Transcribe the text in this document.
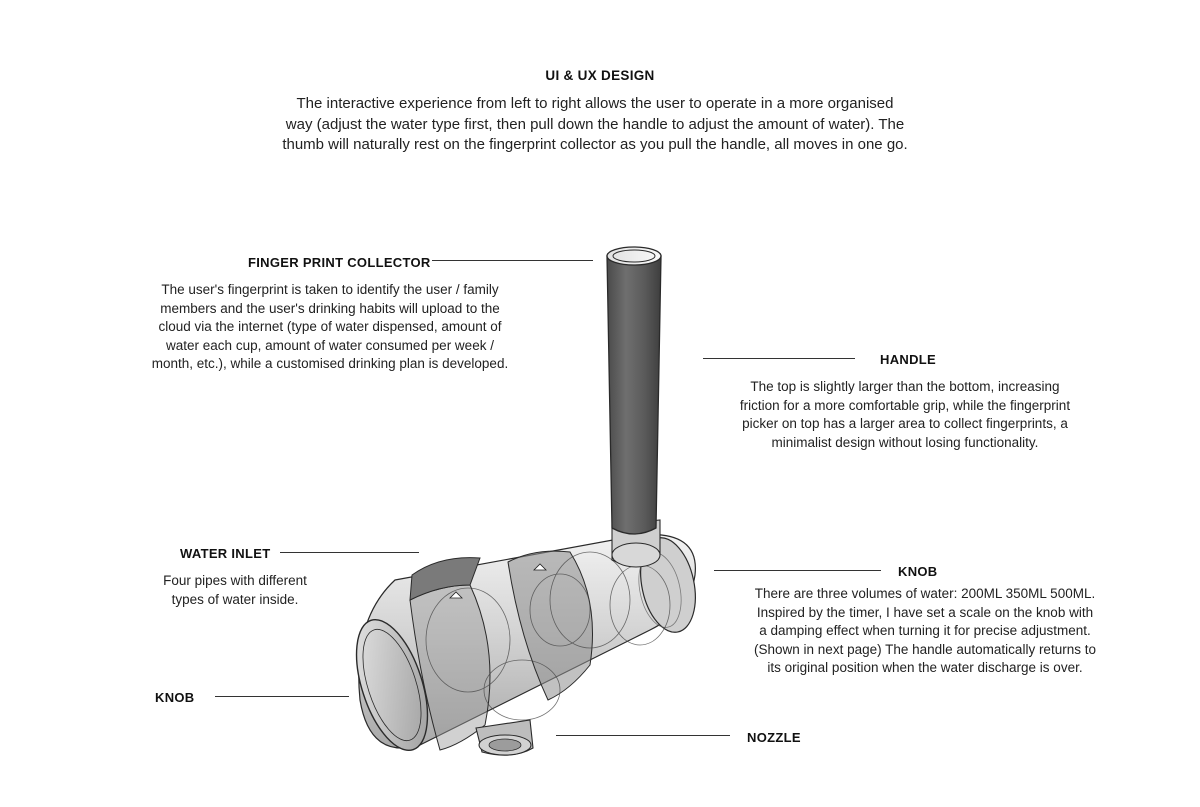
UI & UX DESIGN
The interactive experience from left to right allows the user to operate in a more organised
way (adjust the water type first, then pull down the handle to adjust the amount of water). The
thumb will naturally rest on the fingerprint collector as you pull the handle, all moves in one go.
FINGER PRINT COLLECTOR
The user's fingerprint is taken to identify the user / family
members and the user's drinking habits will upload to the
cloud via the internet (type of water dispensed, amount of
water each cup, amount of water consumed per week /
month, etc.), while a customised drinking plan is developed.	HANDLE
The top is slightly larger than the bottom, increasing
friction for a more comfortable grip, while the fingerprint
picker on top has a larger area to collect fingerprints, a
minimalist design without losing functionality.
WATER INLET
Four pipes with different
types of water inside.
KNOB
There are three volumes of water: 200ML 350ML 500ML.
Inspired by the timer, I have set a scale on the knob with
a damping effect when turning it for precise adjustment.
(Shown in next page) The handle automatically returns to
its original position when the water discharge is over.
KNOB
NOZZLE
